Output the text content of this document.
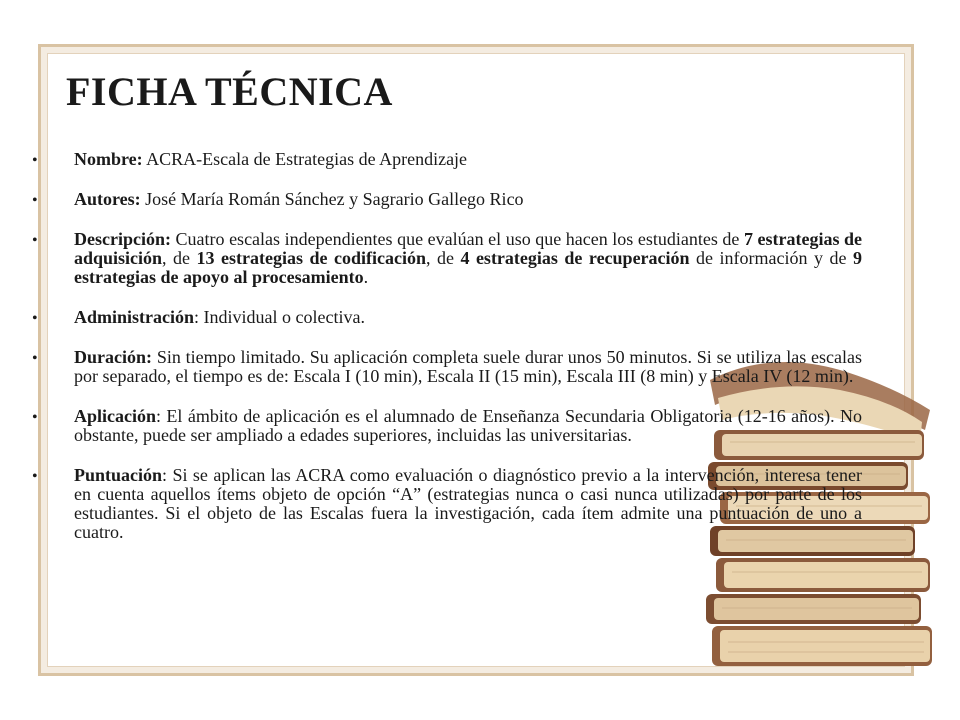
FICHA TÉCNICA
• Nombre: ACRA-Escala de Estrategias de Aprendizaje
• Autores: José María Román Sánchez y Sagrario Gallego Rico
• Descripción: Cuatro escalas independientes que evalúan el uso que hacen los estudiantes de 7 estrategias de adquisición, de 13 estrategias de codificación, de 4 estrategias de recuperación de información y de 9 estrategias de apoyo al procesamiento.
• Administración: Individual o colectiva.
• Duración: Sin tiempo limitado. Su aplicación completa suele durar unos 50 minutos. Si se utiliza las escalas por separado, el tiempo es de: Escala I (10 min), Escala II (15 min), Escala III (8 min) y Escala IV (12 min).
• Aplicación: El ámbito de aplicación es el alumnado de Enseñanza Secundaria Obligatoria (12-16 años). No obstante, puede ser ampliado a edades superiores, incluidas las universitarias.
• Puntuación: Si se aplican las ACRA como evaluación o diagnóstico previo a la intervención, interesa tener en cuenta aquellos ítems objeto de opción “A” (estrategias nunca o casi nunca utilizadas) por parte de los estudiantes. Si el objeto de las Escalas fuera la investigación, cada ítem admite una puntuación de uno a cuatro.
